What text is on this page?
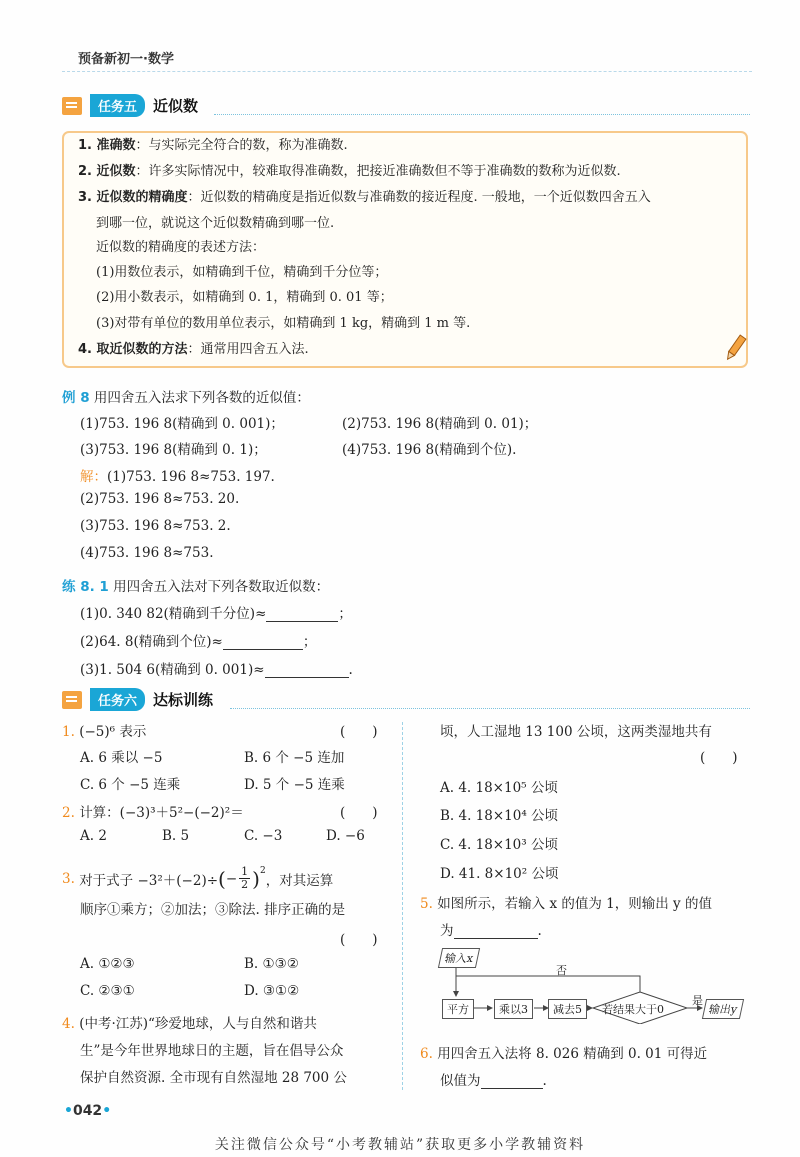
预备新初一·数学
任务五	近似数
1. 准确数：与实际完全符合的数，称为准确数.
2. 近似数：许多实际情况中，较难取得准确数，把接近准确数但不等于准确数的数称为近似数.
3. 近似数的精确度：近似数的精确度是指近似数与准确数的接近程度. 一般地，一个近似数四舍五入
到哪一位，就说这个近似数精确到哪一位.
近似数的精确度的表述方法：
(1)用数位表示，如精确到千位，精确到千分位等；
(2)用小数表示，如精确到 0. 1，精确到 0. 01 等；
(3)对带有单位的数用单位表示，如精确到 1 kg，精确到 1 m 等.
4. 取近似数的方法：通常用四舍五入法.
例 8 用四舍五入法求下列各数的近似值：
(1)753. 196 8(精确到 0. 001)；	(2)753. 196 8(精确到 0. 01)；
(3)753. 196 8(精确到 0. 1)；	(4)753. 196 8(精确到个位).
解：(1)753. 196 8≈753. 197.
(2)753. 196 8≈753. 20.
(3)753. 196 8≈753. 2.
(4)753. 196 8≈753.
练 8. 1 用四舍五入法对下列各数取近似数：
(1)0. 340 82(精确到千分位)≈	；
(2)64. 8(精确到个位)≈	；
(3)1. 504 6(精确到 0. 001)≈	.
任务六	达标训练
1. (−5)⁶ 表示	(　　)
A. 6 乘以 −5	B. 6 个 −5 连加
C. 6 个 −5 连乘	D. 5 个 −5 连乘
2. 计算：(−3)³＋5²−(−2)²＝	(　　)
A. 2	B. 5	C. −3	D. −6
3.
对于式子 −3²＋(−2)÷ ( − $\frac{1}{2} )^2$
，对其运算
顺序①乘方；②加法；③除法. 排序正确的是
(　　)
A. ①②③	B. ①③②
C. ②③①	D. ③①②
4. (中考·江苏)“珍爱地球，人与自然和谐共
生”是今年世界地球日的主题，旨在倡导公众
保护自然资源. 全市现有自然湿地 28 700 公
顷，人工湿地 13 100 公顷，这两类湿地共有
(　　)
A. 4. 18×10⁵ 公顷
B. 4. 18×10⁴ 公顷
C. 4. 18×10³ 公顷
D. 41. 8×10² 公顷
5. 如图所示，若输入 x 的值为 1，则输出 y 的值
为	.
输入x
平方	乘以3	减去5	若结果大于0
否
是
输出y
6. 用四舍五入法将 8. 026 精确到 0. 01 可得近
似值为	.
•042•
关注微信公众号“小考教辅站”获取更多小学教辅资料
